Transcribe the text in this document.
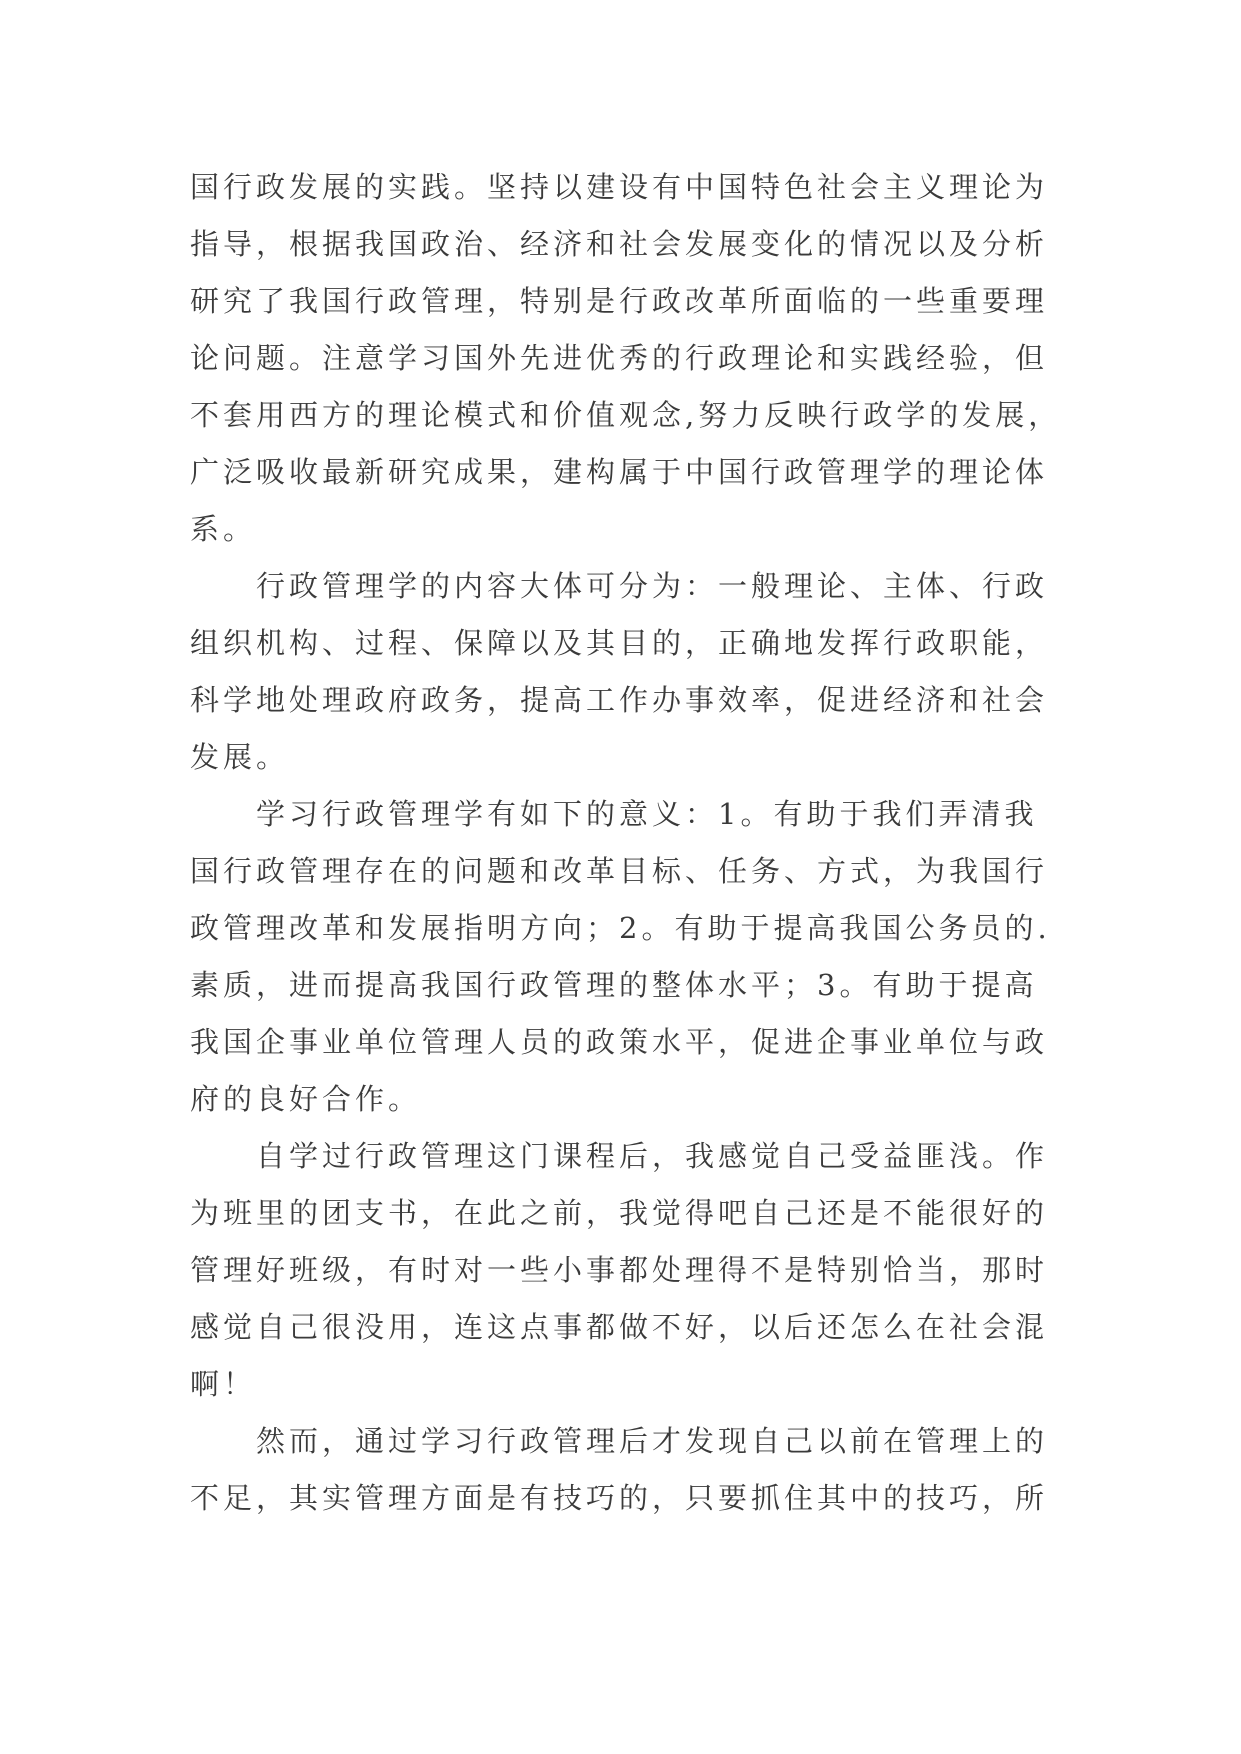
国行政发展的实践。坚持以建设有中国特色社会主义理论为
指导，根据我国政治、经济和社会发展变化的情况以及分析
研究了我国行政管理，特别是行政改革所面临的一些重要理
论问题。注意学习国外先进优秀的行政理论和实践经验，但
不套用西方的理论模式和价值观念,努力反映行政学的发展，
广泛吸收最新研究成果，建构属于中国行政管理学的理论体
系。

行政管理学的内容大体可分为：一般理论、主体、行政
组织机构、过程、保障以及其目的，正确地发挥行政职能，
科学地处理政府政务，提高工作办事效率，促进经济和社会
发展。

学习行政管理学有如下的意义：1。有助于我们弄清我
国行政管理存在的问题和改革目标、任务、方式，为我国行
政管理改革和发展指明方向；2。有助于提高我国公务员的.
素质，进而提高我国行政管理的整体水平；3。有助于提高
我国企事业单位管理人员的政策水平，促进企事业单位与政
府的良好合作。

自学过行政管理这门课程后，我感觉自己受益匪浅。作
为班里的团支书，在此之前，我觉得吧自己还是不能很好的
管理好班级，有时对一些小事都处理得不是特别恰当，那时
感觉自己很没用，连这点事都做不好，以后还怎么在社会混
啊！

然而，通过学习行政管理后才发现自己以前在管理上的
不足，其实管理方面是有技巧的，只要抓住其中的技巧，所
